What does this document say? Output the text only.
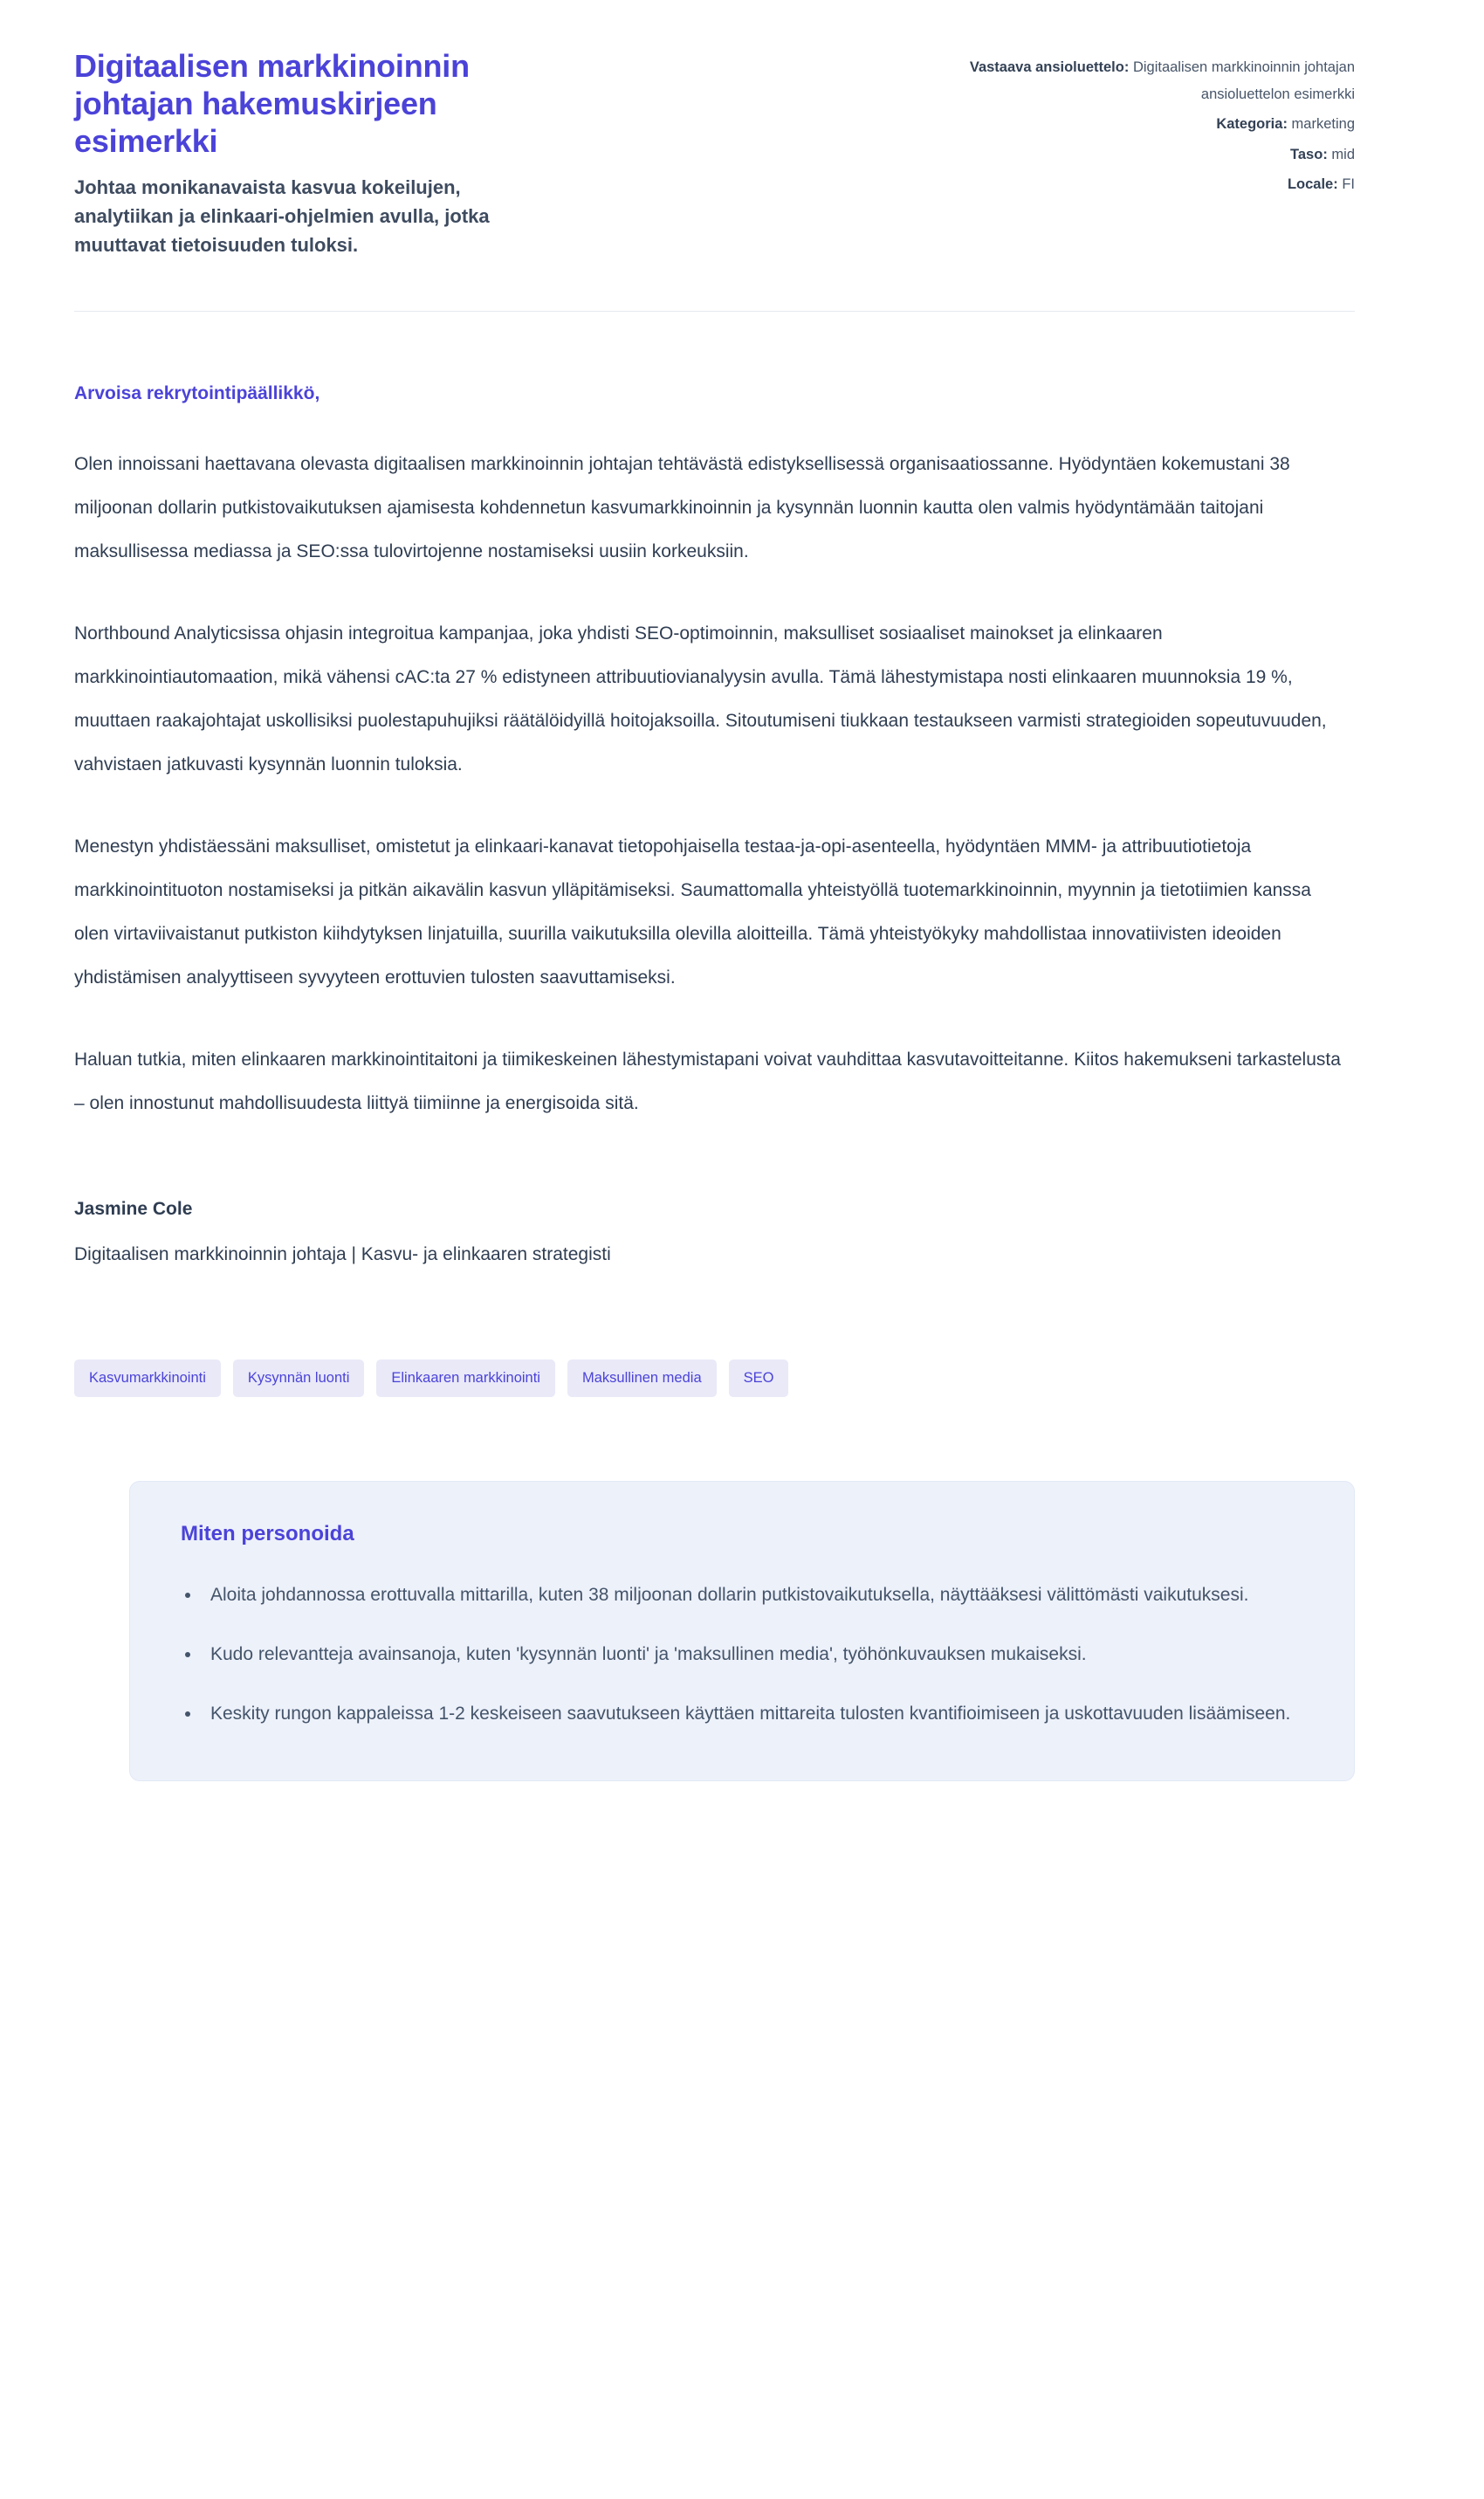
Digitaalisen markkinoinnin johtajan hakemuskirjeen esimerkki

Johtaa monikanavaista kasvua kokeilujen, analytiikan ja elinkaari-ohjelmien avulla, jotka muuttavat tietoisuuden tuloksi.

Vastaava ansioluettelo: Digitaalisen markkinoinnin johtajan ansioluettelon esimerkki
Kategoria: marketing
Taso: mid
Locale: FI

Arvoisa rekrytointipäällikkö,

Olen innoissani haettavana olevasta digitaalisen markkinoinnin johtajan tehtävästä edistyksellisessä organisaatiossanne. Hyödyntäen kokemustani 38 miljoonan dollarin putkistovaikutuksen ajamisesta kohdennetun kasvumarkkinoinnin ja kysynnän luonnin kautta olen valmis hyödyntämään taitojani maksullisessa mediassa ja SEO:ssa tulovirtojenne nostamiseksi uusiin korkeuksiin.

Northbound Analyticsissa ohjasin integroitua kampanjaa, joka yhdisti SEO-optimoinnin, maksulliset sosiaaliset mainokset ja elinkaaren markkinointiautomaation, mikä vähensi cAC:ta 27 % edistyneen attribuutiovianalyysin avulla. Tämä lähestymistapa nosti elinkaaren muunnoksia 19 %, muuttaen raakajohtajat uskollisiksi puolestapuhujiksi räätälöidyillä hoitojaksoilla. Sitoutumiseni tiukkaan testaukseen varmisti strategioiden sopeutuvuuden, vahvistaen jatkuvasti kysynnän luonnin tuloksia.

Menestyn yhdistäessäni maksulliset, omistetut ja elinkaari-kanavat tietopohjaisella testaa-ja-opi-asenteella, hyödyntäen MMM- ja attribuutiotietoja markkinointituoton nostamiseksi ja pitkän aikavälin kasvun ylläpitämiseksi. Saumattomalla yhteistyöllä tuotemarkkinoinnin, myynnin ja tietotiimien kanssa olen virtaviivaistanut putkiston kiihdytyksen linjatuilla, suurilla vaikutuksilla olevilla aloitteilla. Tämä yhteistyökyky mahdollistaa innovatiivisten ideoiden yhdistämisen analyyttiseen syvyyteen erottuvien tulosten saavuttamiseksi.

Haluan tutkia, miten elinkaaren markkinointitaitoni ja tiimikeskeinen lähestymistapani voivat vauhdittaa kasvutavoitteitanne. Kiitos hakemukseni tarkastelusta – olen innostunut mahdollisuudesta liittyä tiimiinne ja energisoida sitä.

Jasmine Cole

Digitaalisen markkinoinnin johtaja | Kasvu- ja elinkaaren strategisti

Kasvumarkkinointi	Kysynnän luonti	Elinkaaren markkinointi	Maksullinen media	SEO
Miten personoida
• Aloita johdannossa erottuvalla mittarilla, kuten 38 miljoonan dollarin putkistovaikutuksella, näyttääksesi välittömästi vaikutuksesi.
• Kudo relevantteja avainsanoja, kuten 'kysynnän luonti' ja 'maksullinen media', työhönkuvauksen mukaiseksi.
• Keskity rungon kappaleissa 1-2 keskeiseen saavutukseen käyttäen mittareita tulosten kvantifioimiseen ja uskottavuuden lisäämiseen.
